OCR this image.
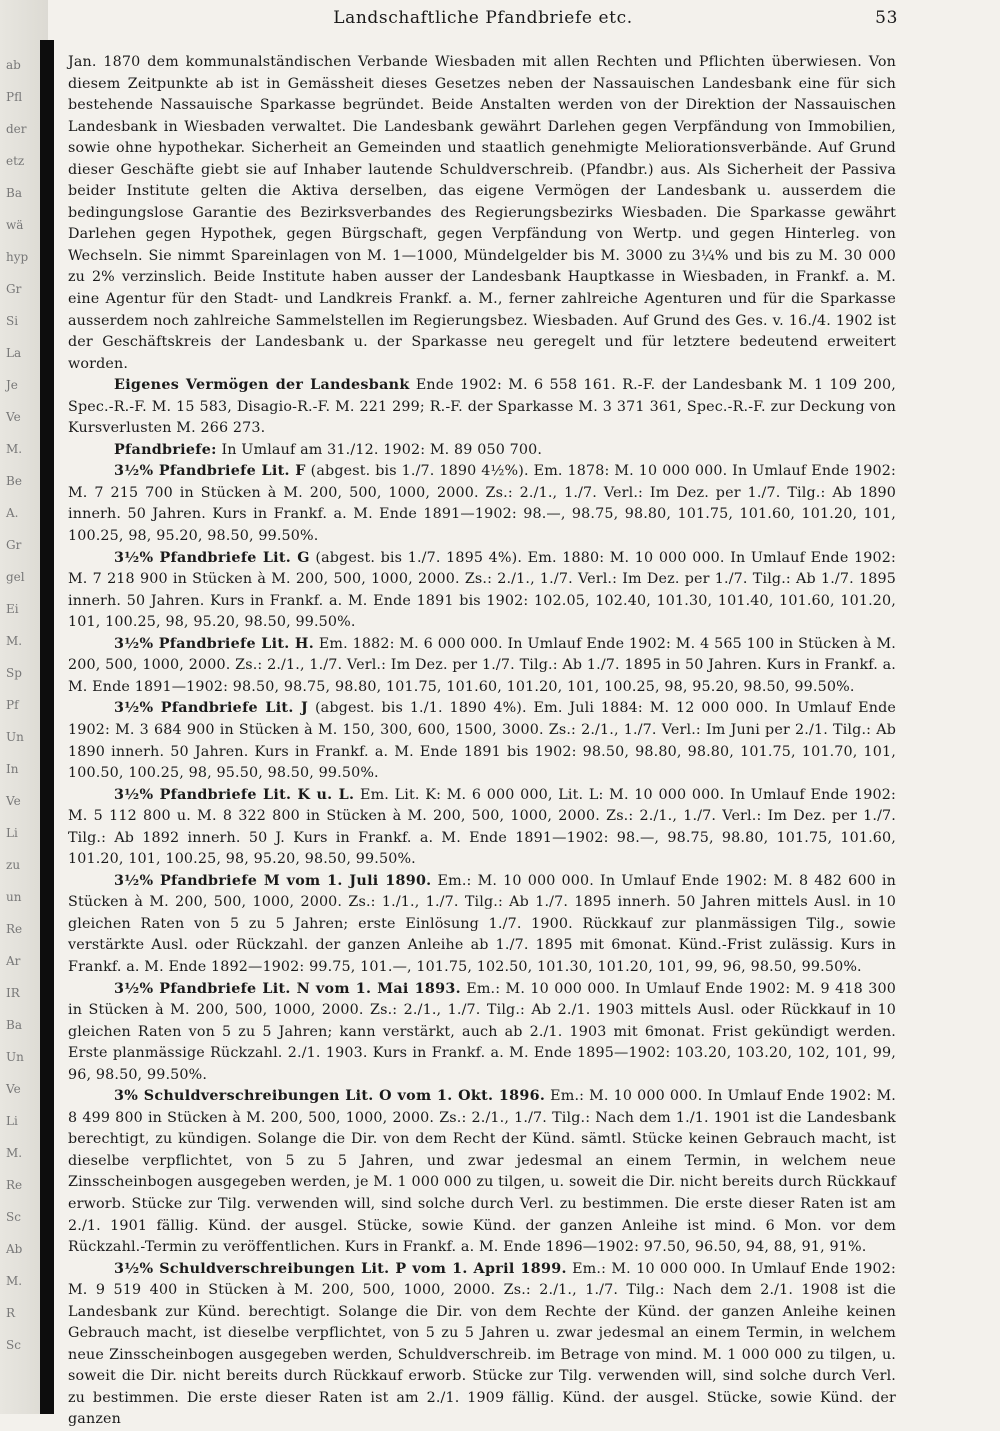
ab
Pfl
der
etz
Ba
wä
hyp
Gr
Si
La
Je
Ve
M.
Be
A.
Gr
gel
Ei
M.
Sp
Pf
Un
In
Ve
Li
zu
un
Re
Ar
IR
Ba
Un
Ve
Li
M.
Re
Sc
Ab
M.
R
Sc
Landschaftliche Pfandbriefe etc.	53

Jan. 1870 dem kommunalständischen Verbande Wiesbaden mit allen Rechten und Pflichten überwiesen. Von diesem Zeitpunkte ab ist in Gemässheit dieses Gesetzes neben der Nassauischen Landesbank eine für sich bestehende Nassauische Sparkasse begründet. Beide Anstalten werden von der Direktion der Nassauischen Landesbank in Wiesbaden verwaltet. Die Landesbank gewährt Darlehen gegen Verpfändung von Immobilien, sowie ohne hypothekar. Sicherheit an Gemeinden und staatlich genehmigte Meliorationsverbände. Auf Grund dieser Geschäfte giebt sie auf Inhaber lautende Schuldverschreib. (Pfandbr.) aus. Als Sicherheit der Passiva beider Institute gelten die Aktiva derselben, das eigene Vermögen der Landesbank u. ausserdem die bedingungslose Garantie des Bezirksverbandes des Regierungsbezirks Wiesbaden. Die Sparkasse gewährt Darlehen gegen Hypothek, gegen Bürgschaft, gegen Verpfändung von Wertp. und gegen Hinterleg. von Wechseln. Sie nimmt Spareinlagen von M. 1—1000, Mündelgelder bis M. 3000 zu 3¼% und bis zu M. 30 000 zu 2% verzinslich. Beide Institute haben ausser der Landesbank Hauptkasse in Wiesbaden, in Frankf. a. M. eine Agentur für den Stadt- und Landkreis Frankf. a. M., ferner zahlreiche Agenturen und für die Sparkasse ausserdem noch zahlreiche Sammelstellen im Regierungsbez. Wiesbaden. Auf Grund des Ges. v. 16./4. 1902 ist der Geschäftskreis der Landesbank u. der Sparkasse neu geregelt und für letztere bedeutend erweitert worden.

Eigenes Vermögen der Landesbank Ende 1902: M. 6 558 161. R.-F. der Landesbank M. 1 109 200, Spec.-R.-F. M. 15 583, Disagio-R.-F. M. 221 299; R.-F. der Sparkasse M. 3 371 361, Spec.-R.-F. zur Deckung von Kursverlusten M. 266 273.

Pfandbriefe: In Umlauf am 31./12. 1902: M. 89 050 700.

3½% Pfandbriefe Lit. F (abgest. bis 1./7. 1890 4½%). Em. 1878: M. 10 000 000. In Umlauf Ende 1902: M. 7 215 700 in Stücken à M. 200, 500, 1000, 2000. Zs.: 2./1., 1./7. Verl.: Im Dez. per 1./7. Tilg.: Ab 1890 innerh. 50 Jahren. Kurs in Frankf. a. M. Ende 1891—1902: 98.—, 98.75, 98.80, 101.75, 101.60, 101.20, 101, 100.25, 98, 95.20, 98.50, 99.50%.

3½% Pfandbriefe Lit. G (abgest. bis 1./7. 1895 4%). Em. 1880: M. 10 000 000. In Umlauf Ende 1902: M. 7 218 900 in Stücken à M. 200, 500, 1000, 2000. Zs.: 2./1., 1./7. Verl.: Im Dez. per 1./7. Tilg.: Ab 1./7. 1895 innerh. 50 Jahren. Kurs in Frankf. a. M. Ende 1891 bis 1902: 102.05, 102.40, 101.30, 101.40, 101.60, 101.20, 101, 100.25, 98, 95.20, 98.50, 99.50%.

3½% Pfandbriefe Lit. H. Em. 1882: M. 6 000 000. In Umlauf Ende 1902: M. 4 565 100 in Stücken à M. 200, 500, 1000, 2000. Zs.: 2./1., 1./7. Verl.: Im Dez. per 1./7. Tilg.: Ab 1./7. 1895 in 50 Jahren. Kurs in Frankf. a. M. Ende 1891—1902: 98.50, 98.75, 98.80, 101.75, 101.60, 101.20, 101, 100.25, 98, 95.20, 98.50, 99.50%.

3½% Pfandbriefe Lit. J (abgest. bis 1./1. 1890 4%). Em. Juli 1884: M. 12 000 000. In Umlauf Ende 1902: M. 3 684 900 in Stücken à M. 150, 300, 600, 1500, 3000. Zs.: 2./1., 1./7. Verl.: Im Juni per 2./1. Tilg.: Ab 1890 innerh. 50 Jahren. Kurs in Frankf. a. M. Ende 1891 bis 1902: 98.50, 98.80, 98.80, 101.75, 101.70, 101, 100.50, 100.25, 98, 95.50, 98.50, 99.50%.

3½% Pfandbriefe Lit. K u. L. Em. Lit. K: M. 6 000 000, Lit. L: M. 10 000 000. In Umlauf Ende 1902: M. 5 112 800 u. M. 8 322 800 in Stücken à M. 200, 500, 1000, 2000. Zs.: 2./1., 1./7. Verl.: Im Dez. per 1./7. Tilg.: Ab 1892 innerh. 50 J. Kurs in Frankf. a. M. Ende 1891—1902: 98.—, 98.75, 98.80, 101.75, 101.60, 101.20, 101, 100.25, 98, 95.20, 98.50, 99.50%.

3½% Pfandbriefe M vom 1. Juli 1890. Em.: M. 10 000 000. In Umlauf Ende 1902: M. 8 482 600 in Stücken à M. 200, 500, 1000, 2000. Zs.: 1./1., 1./7. Tilg.: Ab 1./7. 1895 innerh. 50 Jahren mittels Ausl. in 10 gleichen Raten von 5 zu 5 Jahren; erste Einlösung 1./7. 1900. Rückkauf zur planmässigen Tilg., sowie verstärkte Ausl. oder Rückzahl. der ganzen Anleihe ab 1./7. 1895 mit 6monat. Künd.-Frist zulässig. Kurs in Frankf. a. M. Ende 1892—1902: 99.75, 101.—, 101.75, 102.50, 101.30, 101.20, 101, 99, 96, 98.50, 99.50%.

3½% Pfandbriefe Lit. N vom 1. Mai 1893. Em.: M. 10 000 000. In Umlauf Ende 1902: M. 9 418 300 in Stücken à M. 200, 500, 1000, 2000. Zs.: 2./1., 1./7. Tilg.: Ab 2./1. 1903 mittels Ausl. oder Rückkauf in 10 gleichen Raten von 5 zu 5 Jahren; kann verstärkt, auch ab 2./1. 1903 mit 6monat. Frist gekündigt werden. Erste planmässige Rückzahl. 2./1. 1903. Kurs in Frankf. a. M. Ende 1895—1902: 103.20, 103.20, 102, 101, 99, 96, 98.50, 99.50%.

3% Schuldverschreibungen Lit. O vom 1. Okt. 1896. Em.: M. 10 000 000. In Umlauf Ende 1902: M. 8 499 800 in Stücken à M. 200, 500, 1000, 2000. Zs.: 2./1., 1./7. Tilg.: Nach dem 1./1. 1901 ist die Landesbank berechtigt, zu kündigen. Solange die Dir. von dem Recht der Künd. sämtl. Stücke keinen Gebrauch macht, ist dieselbe verpflichtet, von 5 zu 5 Jahren, und zwar jedesmal an einem Termin, in welchem neue Zinsscheinbogen ausgegeben werden, je M. 1 000 000 zu tilgen, u. soweit die Dir. nicht bereits durch Rückkauf erworb. Stücke zur Tilg. verwenden will, sind solche durch Verl. zu bestimmen. Die erste dieser Raten ist am 2./1. 1901 fällig. Künd. der ausgel. Stücke, sowie Künd. der ganzen Anleihe ist mind. 6 Mon. vor dem Rückzahl.-Termin zu veröffentlichen. Kurs in Frankf. a. M. Ende 1896—1902: 97.50, 96.50, 94, 88, 91, 91%.

3½% Schuldverschreibungen Lit. P vom 1. April 1899. Em.: M. 10 000 000. In Umlauf Ende 1902: M. 9 519 400 in Stücken à M. 200, 500, 1000, 2000. Zs.: 2./1., 1./7. Tilg.: Nach dem 2./1. 1908 ist die Landesbank zur Künd. berechtigt. Solange die Dir. von dem Rechte der Künd. der ganzen Anleihe keinen Gebrauch macht, ist dieselbe verpflichtet, von 5 zu 5 Jahren u. zwar jedesmal an einem Termin, in welchem neue Zinsscheinbogen ausgegeben werden, Schuldverschreib. im Betrage von mind. M. 1 000 000 zu tilgen, u. soweit die Dir. nicht bereits durch Rückkauf erworb. Stücke zur Tilg. verwenden will, sind solche durch Verl. zu bestimmen. Die erste dieser Raten ist am 2./1. 1909 fällig. Künd. der ausgel. Stücke, sowie Künd. der ganzen
